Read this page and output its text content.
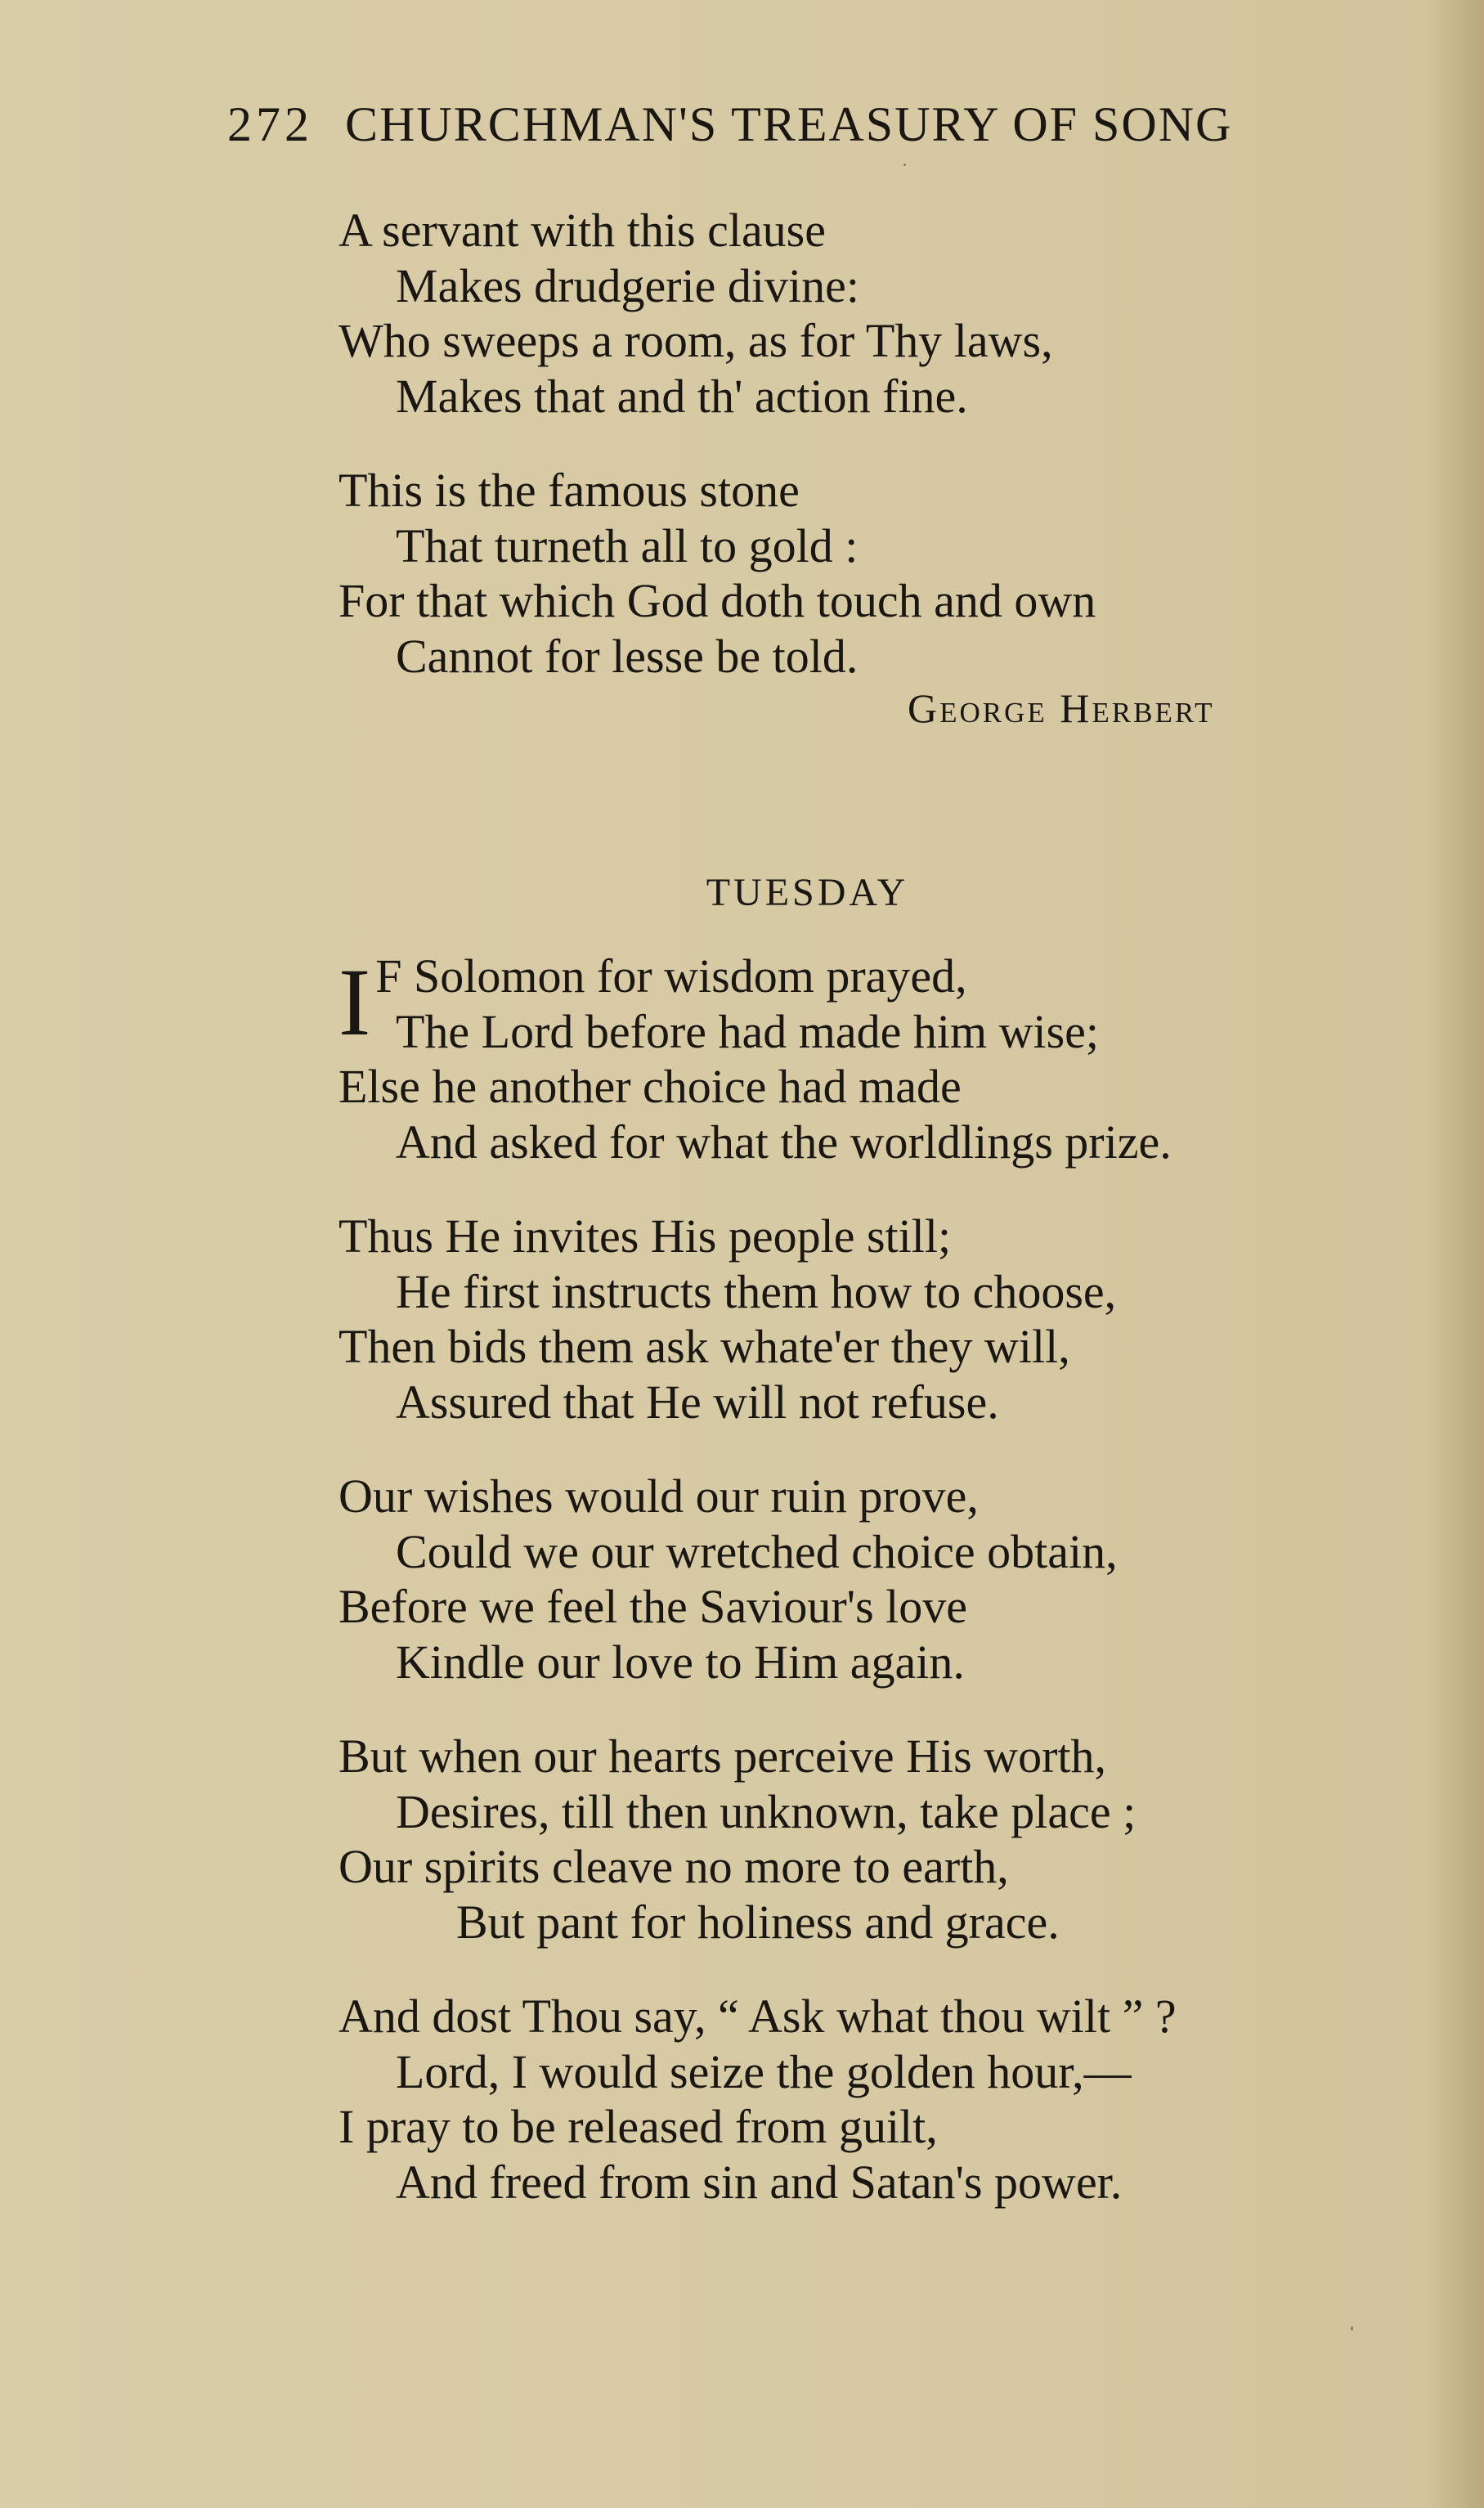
272 CHURCHMAN'S TREASURY OF SONG
A servant with this clause
Makes drudgerie divine:
Who sweeps a room, as for Thy laws,
Makes that and th' action fine.
This is the famous stone
That turneth all to gold :
For that which God doth touch and own
Cannot for lesse be told.
George Herbert
TUESDAY
I F Solomon for wisdom prayed,
The Lord before had made him wise;
Else he another choice had made
And asked for what the worldlings prize.
Thus He invites His people still;
He first instructs them how to choose,
Then bids them ask whate'er they will,
Assured that He will not refuse.
Our wishes would our ruin prove,
Could we our wretched choice obtain,
Before we feel the Saviour's love
Kindle our love to Him again.
But when our hearts perceive His worth,
Desires, till then unknown, take place ;
Our spirits cleave no more to earth,
But pant for holiness and grace.
And dost Thou say, “ Ask what thou wilt ” ?
Lord, I would seize the golden hour,—
I pray to be released from guilt,
And freed from sin and Satan's power.
